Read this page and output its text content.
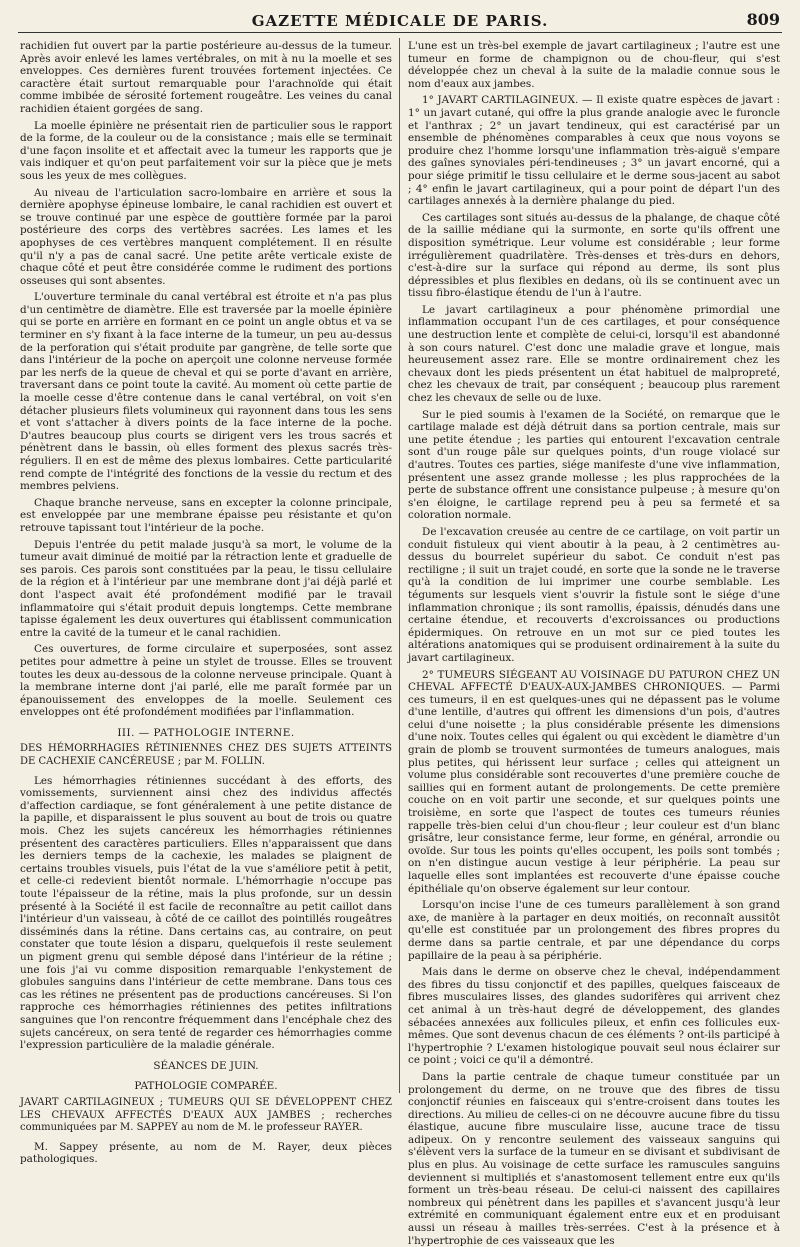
GAZETTE MÉDICALE DE PARIS.	809

rachidien fut ouvert par la partie postérieure au-dessus de la tumeur. Après avoir enlevé les lames vertébrales, on mit à nu la moelle et ses enveloppes. Ces dernières furent trouvées fortement injectées. Ce caractère était surtout remarquable pour l'arachnoïde qui était comme imbibée de sérosité fortement rougeâtre. Les veines du canal rachidien étaient gorgées de sang.

La moelle épinière ne présentait rien de particulier sous le rapport de la forme, de la couleur ou de la consistance ; mais elle se terminait d'une façon insolite et et affectait avec la tumeur les rapports que je vais indiquer et qu'on peut parfaitement voir sur la pièce que je mets sous les yeux de mes collègues.

Au niveau de l'articulation sacro-lombaire en arrière et sous la dernière apophyse épineuse lombaire, le canal rachidien est ouvert et se trouve continué par une espèce de gouttière formée par la paroi postérieure des corps des vertèbres sacrées. Les lames et les apophyses de ces vertèbres manquent complétement. Il en résulte qu'il n'y a pas de canal sacré. Une petite arête verticale existe de chaque côté et peut être considérée comme le rudiment des portions osseuses qui sont absentes.

L'ouverture terminale du canal vertébral est étroite et n'a pas plus d'un centimètre de diamètre. Elle est traversée par la moelle épinière qui se porte en arrière en formant en ce point un angle obtus et va se terminer en s'y fixant à la face interne de la tumeur, un peu au-dessus de la perforation qui s'était produite par gangrène, de telle sorte que dans l'intérieur de la poche on aperçoit une colonne nerveuse formée par les nerfs de la queue de cheval et qui se porte d'avant en arrière, traversant dans ce point toute la cavité. Au moment où cette partie de la moelle cesse d'être contenue dans le canal vertébral, on voit s'en détacher plusieurs filets volumineux qui rayonnent dans tous les sens et vont s'attacher à divers points de la face interne de la poche. D'autres beaucoup plus courts se dirigent vers les trous sacrés et pénètrent dans le bassin, où elles forment des plexus sacrés très-réguliers. Il en est de même des plexus lombaires. Cette particularité rend compte de l'intégrité des fonctions de la vessie du rectum et des membres pelviens.

Chaque branche nerveuse, sans en excepter la colonne principale, est enveloppée par une membrane épaisse peu résistante et qu'on retrouve tapissant tout l'intérieur de la poche.

Depuis l'entrée du petit malade jusqu'à sa mort, le volume de la tumeur avait diminué de moitié par la rétraction lente et graduelle de ses parois. Ces parois sont constituées par la peau, le tissu cellulaire de la région et à l'intérieur par une membrane dont j'ai déjà parlé et dont l'aspect avait été profondément modifié par le travail inflammatoire qui s'était produit depuis longtemps. Cette membrane tapisse également les deux ouvertures qui établissent communication entre la cavité de la tumeur et le canal rachidien.

Ces ouvertures, de forme circulaire et superposées, sont assez petites pour admettre à peine un stylet de trousse. Elles se trouvent toutes les deux au-dessous de la colonne nerveuse principale. Quant à la membrane interne dont j'ai parlé, elle me paraît formée par un épanouissement des enveloppes de la moelle. Seulement ces enveloppes ont été profondément modifiées par l'inflammation.

III. — PATHOLOGIE INTERNE.
DES HÉMORRHAGIES RÉTINIENNES CHEZ DES SUJETS ATTEINTS DE CACHEXIE CANCÉREUSE ; par M. FOLLIN.

Les hémorrhagies rétiniennes succédant à des efforts, des vomissements, surviennent ainsi chez des individus affectés d'affection cardiaque, se font généralement à une petite distance de la papille, et disparaissent le plus souvent au bout de trois ou quatre mois. Chez les sujets cancéreux les hémorrhagies rétiniennes présentent des caractères particuliers. Elles n'apparaissent que dans les derniers temps de la cachexie, les malades se plaignent de certains troubles visuels, puis l'état de la vue s'améliore petit à petit, et celle-ci redevient bientôt normale. L'hémorrhagie n'occupe pas toute l'épaisseur de la rétine, mais la plus profonde, sur un dessin présenté à la Société il est facile de reconnaître au petit caillot dans l'intérieur d'un vaisseau, à côté de ce caillot des pointillés rougeâtres disséminés dans la rétine. Dans certains cas, au contraire, on peut constater que toute lésion a disparu, quelquefois il reste seulement un pigment grenu qui semble déposé dans l'intérieur de la rétine ; une fois j'ai vu comme disposition remarquable l'enkystement de globules sanguins dans l'intérieur de cette membrane. Dans tous ces cas les rétines ne présentent pas de productions cancéreuses. Si l'on rapproche ces hémorrhagies rétiniennes des petites infiltrations sanguines que l'on rencontre fréquemment dans l'encéphale chez des sujets cancéreux, on sera tenté de regarder ces hémorrhagies comme l'expression particulière de la maladie générale.

SÉANCES DE JUIN.
PATHOLOGIE COMPARÉE.
JAVART CARTILAGINEUX ; TUMEURS QUI SE DÉVELOPPENT CHEZ LES CHEVAUX AFFECTÉS D'EAUX AUX JAMBES ; recherches communiquées par M. SAPPEY au nom de M. le professeur RAYER.

M. Sappey présente, au nom de M. Rayer, deux pièces pathologiques.

L'une est un très-bel exemple de javart cartilagineux ; l'autre est une tumeur en forme de champignon ou de chou-fleur, qui s'est développée chez un cheval à la suite de la maladie connue sous le nom d'eaux aux jambes.

1° JAVART CARTILAGINEUX. — Il existe quatre espèces de javart : 1° un javart cutané, qui offre la plus grande analogie avec le furoncle et l'anthrax ; 2° un javart tendineux, qui est caractérisé par un ensemble de phénomènes comparables à ceux que nous voyons se produire chez l'homme lorsqu'une inflammation très-aiguë s'empare des gaînes synoviales péri-tendineuses ; 3° un javart encorné, qui a pour siége primitif le tissu cellulaire et le derme sous-jacent au sabot ; 4° enfin le javart cartilagineux, qui a pour point de départ l'un des cartilages annexés à la dernière phalange du pied.

Ces cartilages sont situés au-dessus de la phalange, de chaque côté de la saillie médiane qui la surmonte, en sorte qu'ils offrent une disposition symétrique. Leur volume est considérable ; leur forme irrégulièrement quadrilatère. Très-denses et très-durs en dehors, c'est-à-dire sur la surface qui répond au derme, ils sont plus dépressibles et plus flexibles en dedans, où ils se continuent avec un tissu fibro-élastique étendu de l'un à l'autre.

Le javart cartilagineux a pour phénomène primordial une inflammation occupant l'un de ces cartilages, et pour conséquence une destruction lente et complète de celui-ci, lorsqu'il est abandonné à son cours naturel. C'est donc une maladie grave et longue, mais heureusement assez rare. Elle se montre ordinairement chez les chevaux dont les pieds présentent un état habituel de malpropreté, chez les chevaux de trait, par conséquent ; beaucoup plus rarement chez les chevaux de selle ou de luxe.

Sur le pied soumis à l'examen de la Société, on remarque que le cartilage malade est déjà détruit dans sa portion centrale, mais sur une petite étendue ; les parties qui entourent l'excavation centrale sont d'un rouge pâle sur quelques points, d'un rouge violacé sur d'autres. Toutes ces parties, siége manifeste d'une vive inflammation, présentent une assez grande mollesse ; les plus rapprochées de la perte de substance offrent une consistance pulpeuse ; à mesure qu'on s'en éloigne, le cartilage reprend peu à peu sa fermeté et sa coloration normale.

De l'excavation creusée au centre de ce cartilage, on voit partir un conduit fistuleux qui vient aboutir à la peau, à 2 centimètres au-dessus du bourrelet supérieur du sabot. Ce conduit n'est pas rectiligne ; il suit un trajet coudé, en sorte que la sonde ne le traverse qu'à la condition de lui imprimer une courbe semblable. Les téguments sur lesquels vient s'ouvrir la fistule sont le siége d'une inflammation chronique ; ils sont ramollis, épaissis, dénudés dans une certaine étendue, et recouverts d'excroissances ou productions épidermiques. On retrouve en un mot sur ce pied toutes les altérations anatomiques qui se produisent ordinairement à la suite du javart cartilagineux.

2° TUMEURS SIÉGEANT AU VOISINAGE DU PATURON CHEZ UN CHEVAL AFFECTÉ D'EAUX-AUX-JAMBES CHRONIQUES. — Parmi ces tumeurs, il en est quelques-unes qui ne dépassent pas le volume d'une lentille, d'autres qui offrent les dimensions d'un pois, d'autres celui d'une noisette ; la plus considérable présente les dimensions d'une noix. Toutes celles qui égalent ou qui excèdent le diamètre d'un grain de plomb se trouvent surmontées de tumeurs analogues, mais plus petites, qui hérissent leur surface ; celles qui atteignent un volume plus considérable sont recouvertes d'une première couche de saillies qui en forment autant de prolongements. De cette première couche on en voit partir une seconde, et sur quelques points une troisième, en sorte que l'aspect de toutes ces tumeurs réunies rappelle très-bien celui d'un chou-fleur ; leur couleur est d'un blanc grisâtre, leur consistance ferme, leur forme, en général, arrondie ou ovoïde. Sur tous les points qu'elles occupent, les poils sont tombés ; on n'en distingue aucun vestige à leur périphérie. La peau sur laquelle elles sont implantées est recouverte d'une épaisse couche épithéliale qu'on observe également sur leur contour.

Lorsqu'on incise l'une de ces tumeurs parallèlement à son grand axe, de manière à la partager en deux moitiés, on reconnaît aussitôt qu'elle est constituée par un prolongement des fibres propres du derme dans sa partie centrale, et par une dépendance du corps papillaire de la peau à sa périphérie.

Mais dans le derme on observe chez le cheval, indépendamment des fibres du tissu conjonctif et des papilles, quelques faisceaux de fibres musculaires lisses, des glandes sudorifères qui arrivent chez cet animal à un très-haut degré de développement, des glandes sébacées annexées aux follicules pileux, et enfin ces follicules eux-mêmes. Que sont devenus chacun de ces éléments ? ont-ils participé à l'hypertrophie ? L'examen histologique pouvait seul nous éclairer sur ce point ; voici ce qu'il a démontré.

Dans la partie centrale de chaque tumeur constituée par un prolongement du derme, on ne trouve que des fibres de tissu conjonctif réunies en faisceaux qui s'entre-croisent dans toutes les directions. Au milieu de celles-ci on ne découvre aucune fibre du tissu élastique, aucune fibre musculaire lisse, aucune trace de tissu adipeux. On y rencontre seulement des vaisseaux sanguins qui s'élèvent vers la surface de la tumeur en se divisant et subdivisant de plus en plus. Au voisinage de cette surface les ramuscules sanguins deviennent si multipliés et s'anastomosent tellement entre eux qu'ils forment un très-beau réseau. De celui-ci naissent des capillaires nombreux qui pénètrent dans les papilles et s'avancent jusqu'à leur extrémité en communiquant également entre eux et en produisant aussi un réseau à mailles très-serrées. C'est à la présence et à l'hypertrophie de ces vaisseaux que les
